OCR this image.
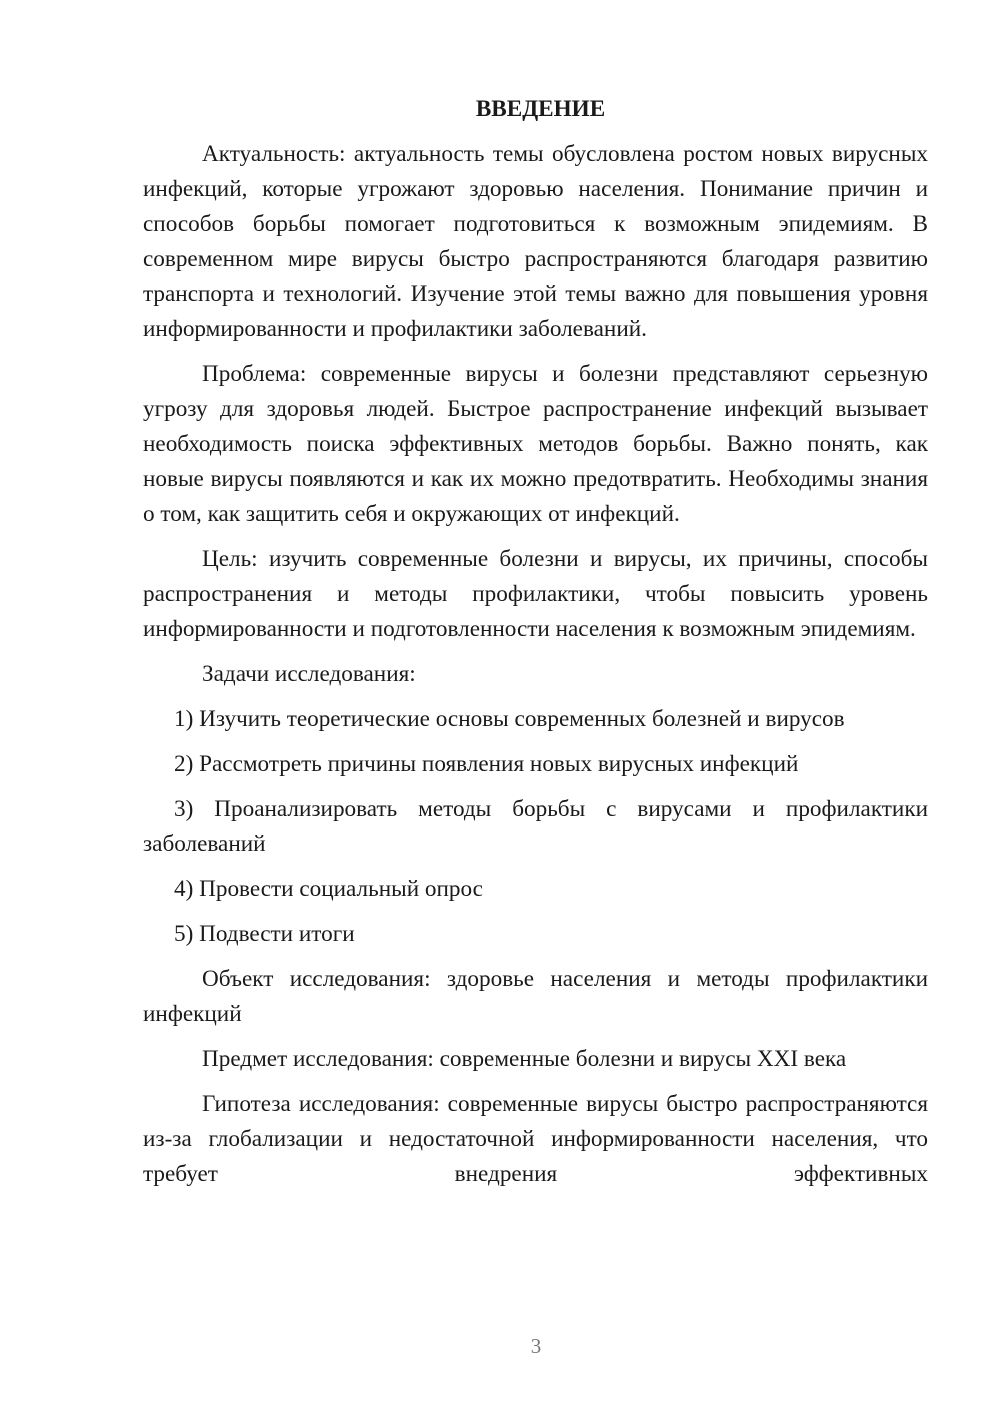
ВВЕДЕНИЕ

Актуальность: актуальность темы обусловлена ростом новых вирусных инфекций, которые угрожают здоровью населения. Понимание причин и способов борьбы помогает подготовиться к возможным эпидемиям. В современном мире вирусы быстро распространяются благодаря развитию транспорта и технологий. Изучение этой темы важно для повышения уровня информированности и профилактики заболеваний.

Проблема: современные вирусы и болезни представляют серьезную угрозу для здоровья людей. Быстрое распространение инфекций вызывает необходимость поиска эффективных методов борьбы. Важно понять, как новые вирусы появляются и как их можно предотвратить. Необходимы знания о том, как защитить себя и окружающих от инфекций.

Цель: изучить современные болезни и вирусы, их причины, способы распространения и методы профилактики, чтобы повысить уровень информированности и подготовленности населения к возможным эпидемиям.

Задачи исследования:

1) Изучить теоретические основы современных болезней и вирусов
2) Рассмотреть причины появления новых вирусных инфекций
3) Проанализировать методы борьбы с вирусами и профилактики заболеваний
4) Провести социальный опрос
5) Подвести итоги

Объект исследования: здоровье населения и методы профилактики инфекций

Предмет исследования: современные болезни и вирусы XXI века

Гипотеза исследования: современные вирусы быстро распространяются из-за глобализации и недостаточной информированности населения, что требует внедрения эффективных

3
